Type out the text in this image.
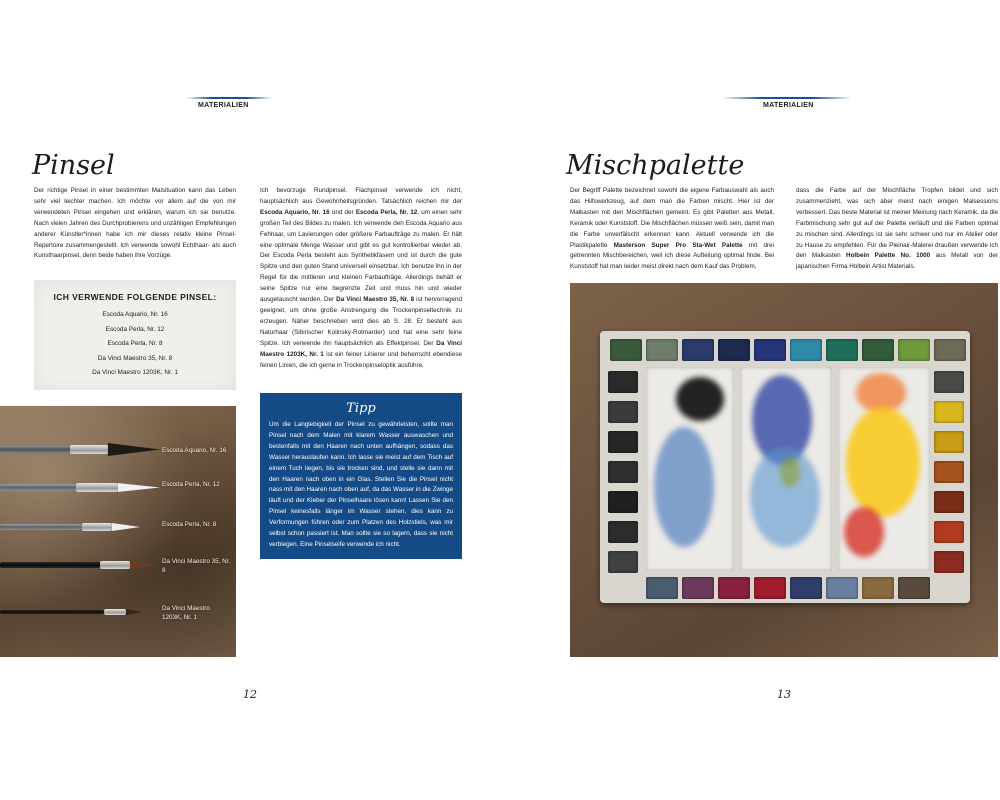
MATERIALIEN
Pinsel
Der richtige Pinsel in einer bestimmten Malsituation kann das Leben sehr viel leichter machen. Ich möchte vor allem auf die von mir verwendeten Pinsel eingehen und erklären, warum ich sie benutze. Nach vielen Jahren des Durchprobierens und unzähligen Empfehlungen anderer Künstler*innen habe ich mir dieses relativ kleine Pinsel-Repertoire zusammengestellt. Ich verwende sowohl Echthaar- als auch Kunsthaarpinsel, denn beide haben ihre Vorzüge.
ICH VERWENDE FOLGENDE PINSEL:
Escoda Aquario, Nr. 16
Escoda Perla, Nr. 12
Escoda Perla, Nr. 8
Da Vinci Maestro 35, Nr. 8
Da Vinci Maestro 1203K, Nr. 1
Ich bevorzuge Rundpinsel. Flachpinsel verwende ich nicht, hauptsächlich aus Gewohnheitsgründen. Tatsächlich reichen mir der Escoda Aquario, Nr. 16 und der Escoda Perla, Nr. 12, um einen sehr großen Teil des Bildes zu malen. Ich verwende den Escoda Aquario aus Fehhaar, um Lavierungen oder größere Farbaufträge zu malen. Er hält eine optimale Menge Wasser und gibt es gut kontrollierbar wieder ab. Der Escoda Perla besteht aus Synthetikfasern und ist durch die gute Spitze und den guten Stand universell einsetzbar. Ich benutze ihn in der Regel für die mittleren und kleinen Farbaufträge. Allerdings behält er seine Spitze nur eine begrenzte Zeit und muss hin und wieder ausgetauscht werden. Der Da Vinci Maestro 35, Nr. 8 ist hervorragend geeignet, um ohne große Anstrengung die Trockenpinseltechnik zu erzeugen. Näher beschrieben wird dies ab S. 28. Er besteht aus Naturhaar (Sibirischer Kolinsky-Rotmarder) und hat eine sehr feine Spitze. Ich verwende ihn hauptsächlich als Effektpinsel. Der Da Vinci Maestro 1203K, Nr. 1 ist ein feiner Linierer und beherrscht ebendiese feinen Linien, die ich gerne in Trockenpinseloptik ausführe.
Tipp
Um die Langlebigkeit der Pinsel zu gewährleisten, sollte man Pinsel nach dem Malen mit klarem Wasser auswaschen und bestenfalls mit den Haaren nach unten aufhängen, sodass das Wasser herauslaufen kann. Ich lasse sie meist auf dem Tisch auf einem Tuch liegen, bis sie trocken sind, und stelle sie dann mit den Haaren nach oben in ein Glas. Stellen Sie die Pinsel nicht nass mit den Haaren nach oben auf, da das Wasser in die Zwinge läuft und der Kleber der Pinselhaare lösen kann! Lassen Sie den Pinsel keinesfalls länger im Wasser stehen, dies kann zu Verformungen führen oder zum Platzen des Holzstiels, was mir selbst schon passiert ist. Man sollte sie so lagern, dass sie nicht verbiegen. Eine Pinselseife verwende ich nicht.
Escoda Aquario, Nr. 16
Escoda Perla, Nr. 12
Escoda Perla, Nr. 8
Da Vinci Maestro 35, Nr. 8
Da Vinci Maestro 1203K, Nr. 1
12
MATERIALIEN
Mischpalette
Der Begriff Palette bezeichnet sowohl die eigene Farbauswahl als auch das Hilfswerkzeug, auf dem man die Farben mischt. Hier ist der Malkasten mit den Mischflächen gemeint. Es gibt Paletten aus Metall, Keramik oder Kunststoff. Die Mischflächen müssen weiß sein, damit man die Farbe unverfälscht erkennen kann. Aktuell verwende ich die Plastikpalette Masterson Super Pro Sta-Wet Palette mit drei getrennten Mischbereichen, weil ich diese Aufteilung optimal finde. Bei Kunststoff hat man leider meist direkt nach dem Kauf das Problem,
dass die Farbe auf der Mischfläche Tropfen bildet und sich zusammenzieht, was sich aber meist nach einigen Malsessions verbessert. Das beste Material ist meiner Meinung nach Keramik, da die Farbmischung sehr gut auf der Palette verläuft und die Farben optimal zu mischen sind. Allerdings ist sie sehr schwer und nur im Atelier oder zu Hause zu empfehlen. Für die Pleinair-Malerei draußen verwende ich den Malkasten Holbein Palette No. 1000 aus Metall von der japanischen Firma Holbein Artist Materials.
13
